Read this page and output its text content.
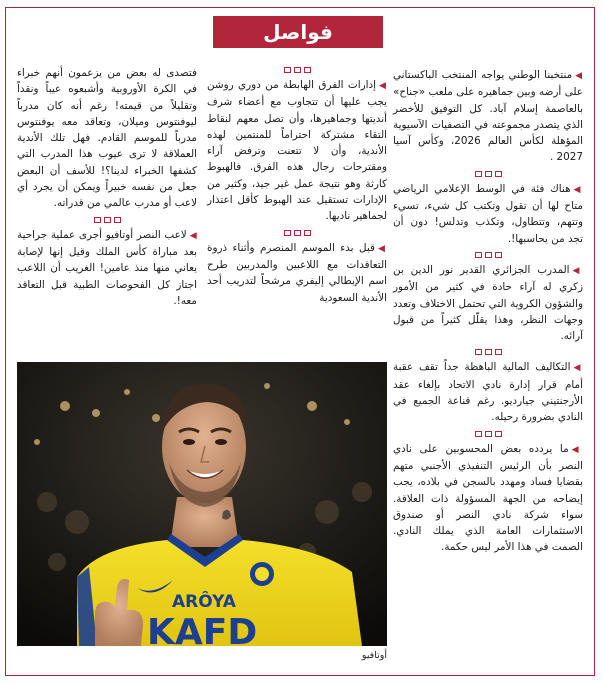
فواصل
◀منتخبنا الوطني يواجه المنتخب الباكستاني على أرضه وبين جماهيره على ملعب «جناح» بالعاصمة إسلام آباد. كل التوفيق للأخضر الذي يتصدر مجموعته في التصفيات الآسيوية المؤهلة لكأس العالم 2026، وكأس آسيا 2027 .
◀هناك فئة في الوسط الإعلامي الرياضي متاح لها أن تقول وتكتب كل شيء، تسيء وتتهم، وتتطاول، وتكذب وتدلس! دون أن تجد من يحاسبها!.
◀المدرب الجزائري القدير نور الدين بن زكري له آراء حادة في كثير من الأمور والشؤون الكروية التي تحتمل الاختلاف وتعدد وجهات النظر، وهذا يقلّل كثيراً من قبول آرائه.
◀التكاليف المالية الباهظة جداً تقف عقبة أمام قرار إدارة نادي الاتحاد بإلغاء عقد الأرجنتيني جيارديو. رغم قناعة الجميع في النادي بضرورة رحيله.
◀ما يردده بعض المحسوبين على نادي النصر بأن الرئيس التنفيذي الأجنبي متهم بقضايا فساد ومهدد بالسجن في بلاده، يجب إيضاحه من الجهة المسؤولة ذات العلاقة. سواء شركة نادي النصر أو صندوق الاستثمارات العامة الذي يملك النادي. الصمت في هذا الأمر ليس حكمة.
◀إدارات الفرق الهابطة من دوري روشن يجب عليها أن تتجاوب مع أعضاء شرف أنديتها وجماهيرها، وأن تصل معهم لنقاط التقاء مشتركة احتراماً للمنتمين لهذه الأندية، وأن لا تتعنت وترفض آراء ومقترحات رجال هذه الفرق. فالهبوط كارثة وهو نتيجة عمل غير جيد، وكثير من الإدارات تستقيل عند الهبوط كأقل اعتذار لجماهير ناديها.
◀قبل بدء الموسم المنصرم وأثناء ذروة التعاقدات مع اللاعبين والمدربين طرح اسم الإيطالي إليفري مرشحاً لتدريب أحد الأندية السعودية
فتصدى له بعض من يزعمون أنهم خبراء في الكرة الأوروبية وأشبعوه عيباً ونقداً وتقليلاً من قيمته! رغم أنه كان مدرباً ليوفنتوس وميلان، وتعاقد معه يوفنتوس مدرباً للموسم القادم. فهل تلك الأندية العملاقة لا ترى عيوب هذا المدرب التي كشفها الخبراء لدينا؟! للأسف أن البعض جعل من نفسه خبيراً ويمكن أن يجرد أي لاعب أو مدرب عالمي من قدراته.
◀لاعب النصر أوتافيو أجرى عملية جراحية بعد مباراة كأس الملك وقيل إنها لإصابة يعاني منها منذ عامين! الغريب أن اللاعب اجتاز كل الفحوصات الطبية قبل التعاقد معه!.
ARÔYA
KAFD
أوتافيو
